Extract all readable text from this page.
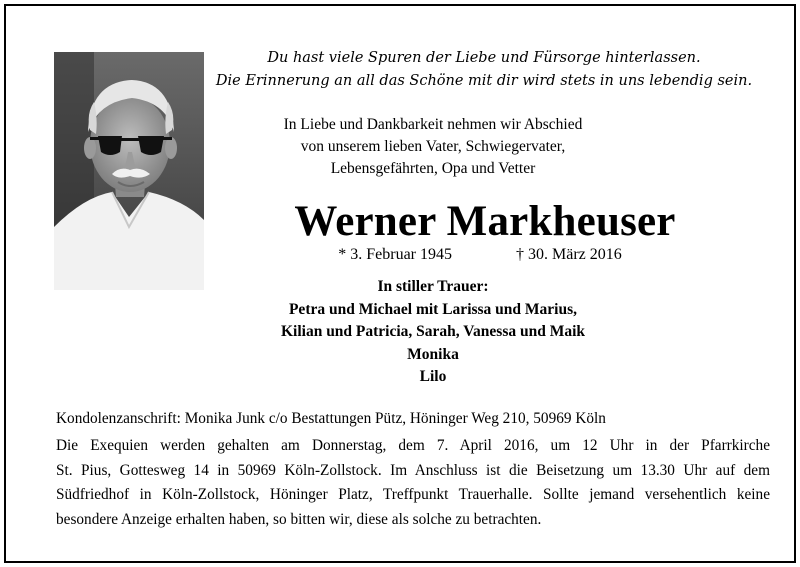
Du hast viele Spuren der Liebe und Fürsorge hinterlassen.
Die Erinnerung an all das Schöne mit dir wird stets in uns lebendig sein.
In Liebe und Dankbarkeit nehmen wir Abschied
von unserem lieben Vater, Schwiegervater,
Lebensgefährten, Opa und Vetter
Werner Markheuser
* 3. Februar 1945	† 30. März 2016
In stiller Trauer:
Petra und Michael mit Larissa und Marius,
Kilian und Patricia, Sarah, Vanessa und Maik
Monika
Lilo
Kondolenzanschrift: Monika Junk c/o Bestattungen Pütz, Höninger Weg 210, 50969 Köln
Die Exequien werden gehalten am Donnerstag, dem 7. April 2016, um 12 Uhr in der Pfarrkirche
St. Pius, Gottesweg 14 in 50969 Köln-Zollstock. Im Anschluss ist die Beisetzung um 13.30 Uhr auf dem
Südfriedhof in Köln-Zollstock, Höninger Platz, Treffpunkt Trauerhalle. Sollte jemand versehentlich keine
besondere Anzeige erhalten haben, so bitten wir, diese als solche zu betrachten.
